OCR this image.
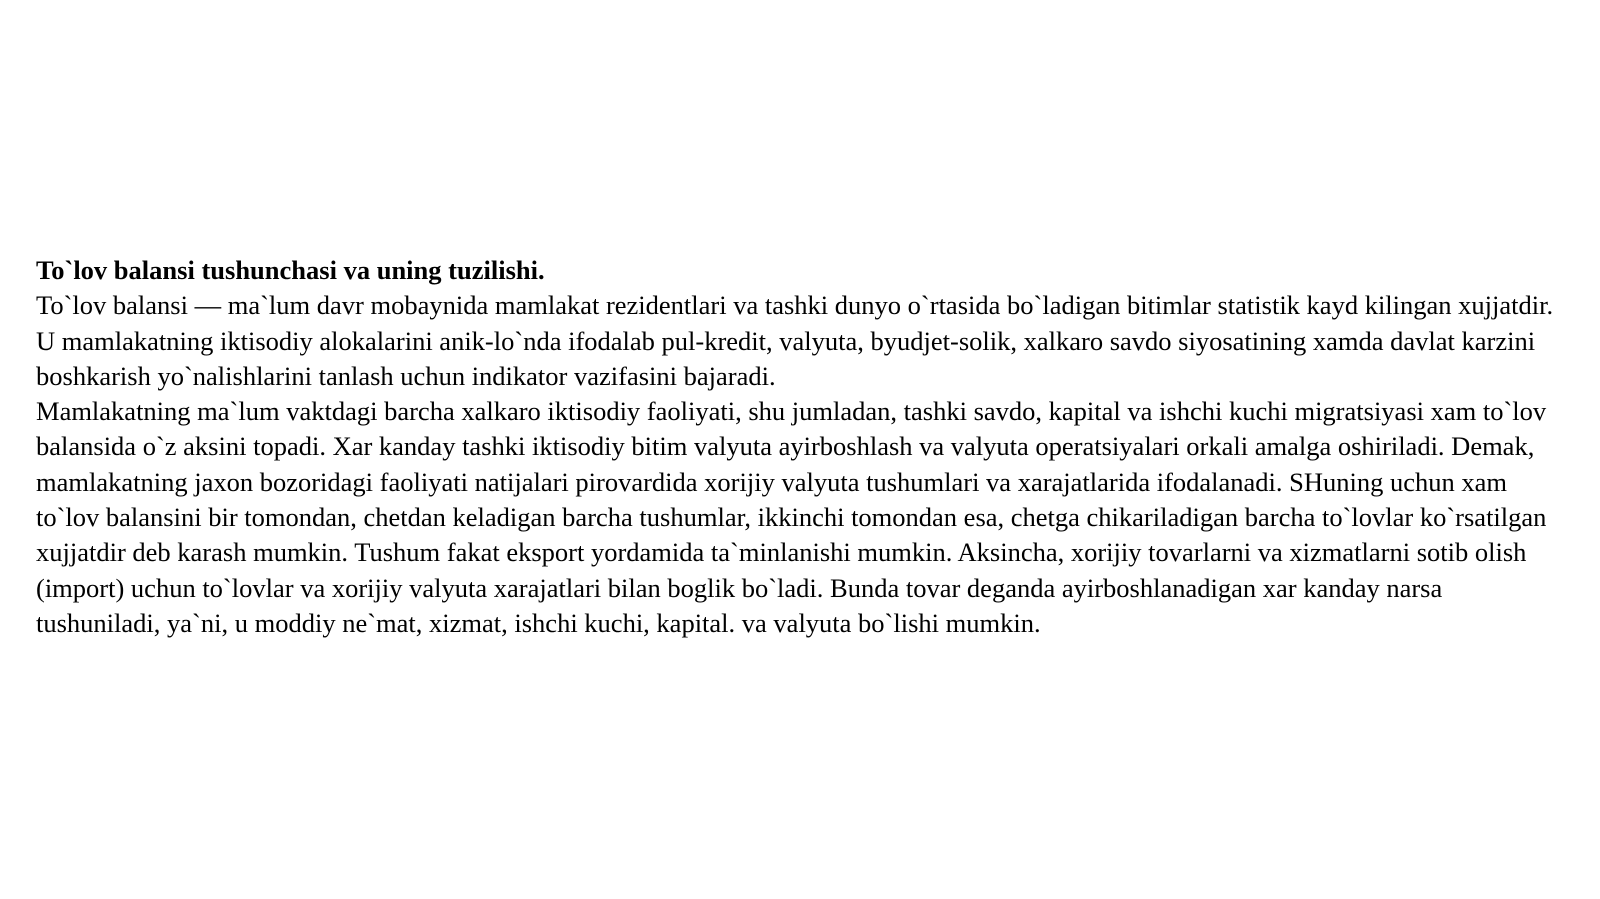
To`lov balansi tushunchasi va uning tuzilishi.

To`lov balansi — ma`lum davr mobaynida mamlakat rezidentlari va tashki dunyo o`rtasida bo`ladigan bitimlar statistik kayd kilingan xujjatdir. U mamlakatning iktisodiy alokalarini anik-lo`nda ifodalab pul-kredit, valyuta, byudjet-solik, xalkaro savdo siyosatining xamda davlat karzini boshkarish yo`nalishlarini tanlash uchun indikator vazifasini bajaradi.

Mamlakatning ma`lum vaktdagi barcha xalkaro iktisodiy faoliyati, shu jumladan, tashki savdo, kapital va ishchi kuchi migratsiyasi xam to`lov balansida o`z aksini topadi. Xar kanday tashki iktisodiy bitim valyuta ayirboshlash va valyuta operatsiyalari orkali amalga oshiriladi. Demak, mamlakatning jaxon bozoridagi faoliyati natijalari pirovardida xorijiy valyuta tushumlari va xarajatlarida ifodalanadi. SHuning uchun xam to`lov balansini bir tomondan, chetdan keladigan barcha tushumlar, ikkinchi tomondan esa, chetga chikariladigan barcha to`lovlar ko`rsatilgan xujjatdir deb karash mumkin. Tushum fakat eksport yordamida ta`minlanishi mumkin. Aksincha, xorijiy tovarlarni va xizmatlarni sotib olish (import) uchun to`lovlar va xorijiy valyuta xarajatlari bilan boglik bo`ladi. Bunda tovar deganda ayirboshlanadigan xar kanday narsa tushuniladi, ya`ni, u moddiy ne`mat, xizmat, ishchi kuchi, kapital. va valyuta bo`lishi mumkin.
